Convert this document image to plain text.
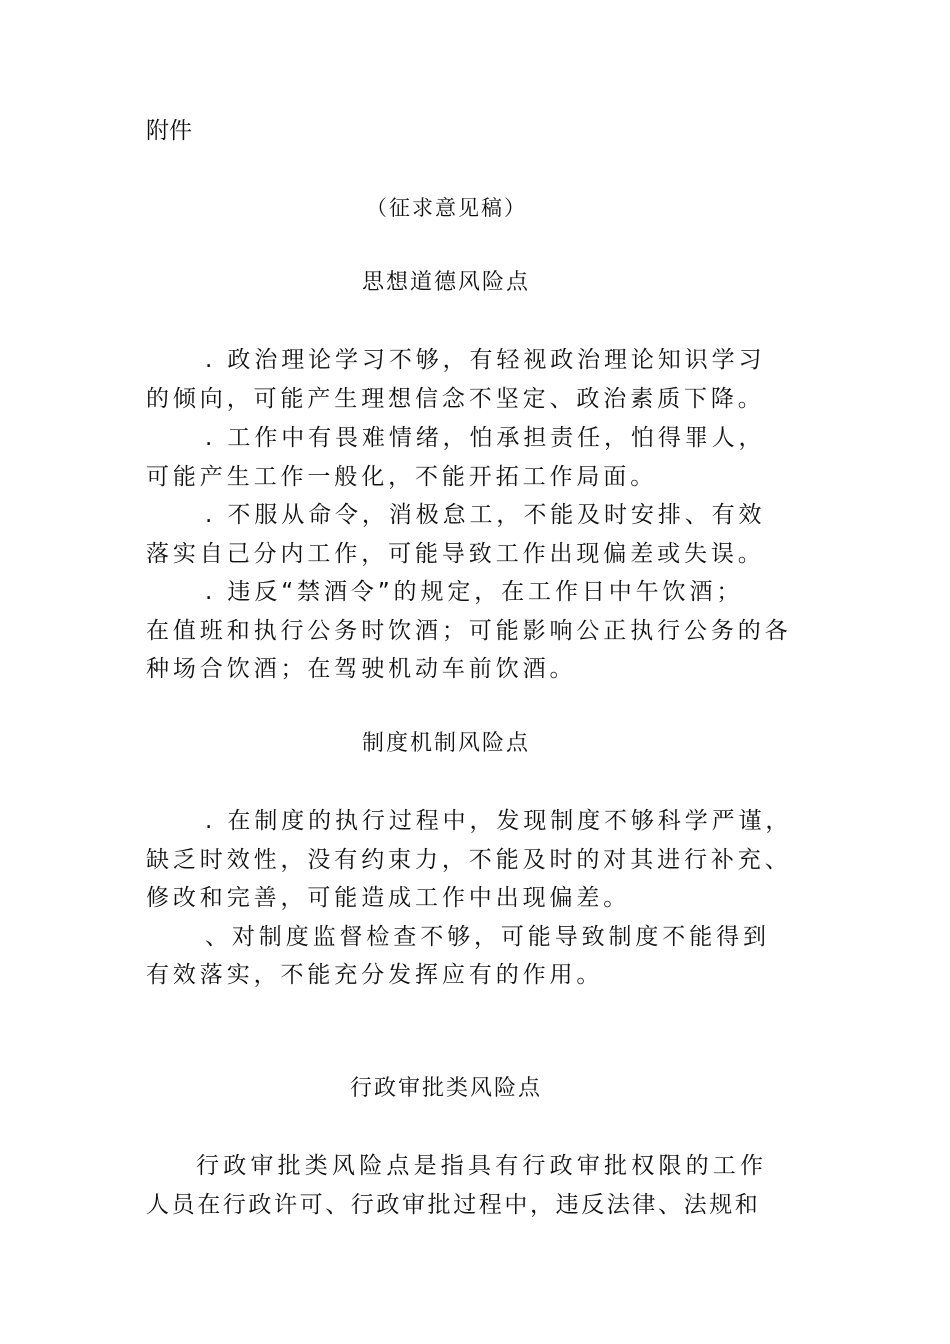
附件
（征求意见稿）
思想道德风险点
. 政治理论学习不够，有轻视政治理论知识学习
的倾向，可能产生理想信念不坚定、政治素质下降。
. 工作中有畏难情绪，怕承担责任，怕得罪人，
可能产生工作一般化，不能开拓工作局面。
. 不服从命令，消极怠工，不能及时安排、有效
落实自己分内工作，可能导致工作出现偏差或失误。
. 违反“禁酒令”的规定，在工作日中午饮酒；
在值班和执行公务时饮酒；可能影响公正执行公务的各
种场合饮酒；在驾驶机动车前饮酒。
制度机制风险点
. 在制度的执行过程中，发现制度不够科学严谨，
缺乏时效性，没有约束力，不能及时的对其进行补充、
修改和完善，可能造成工作中出现偏差。
、对制度监督检查不够，可能导致制度不能得到
有效落实，不能充分发挥应有的作用。
行政审批类风险点
行政审批类风险点是指具有行政审批权限的工作
人员在行政许可、行政审批过程中，违反法律、法规和
